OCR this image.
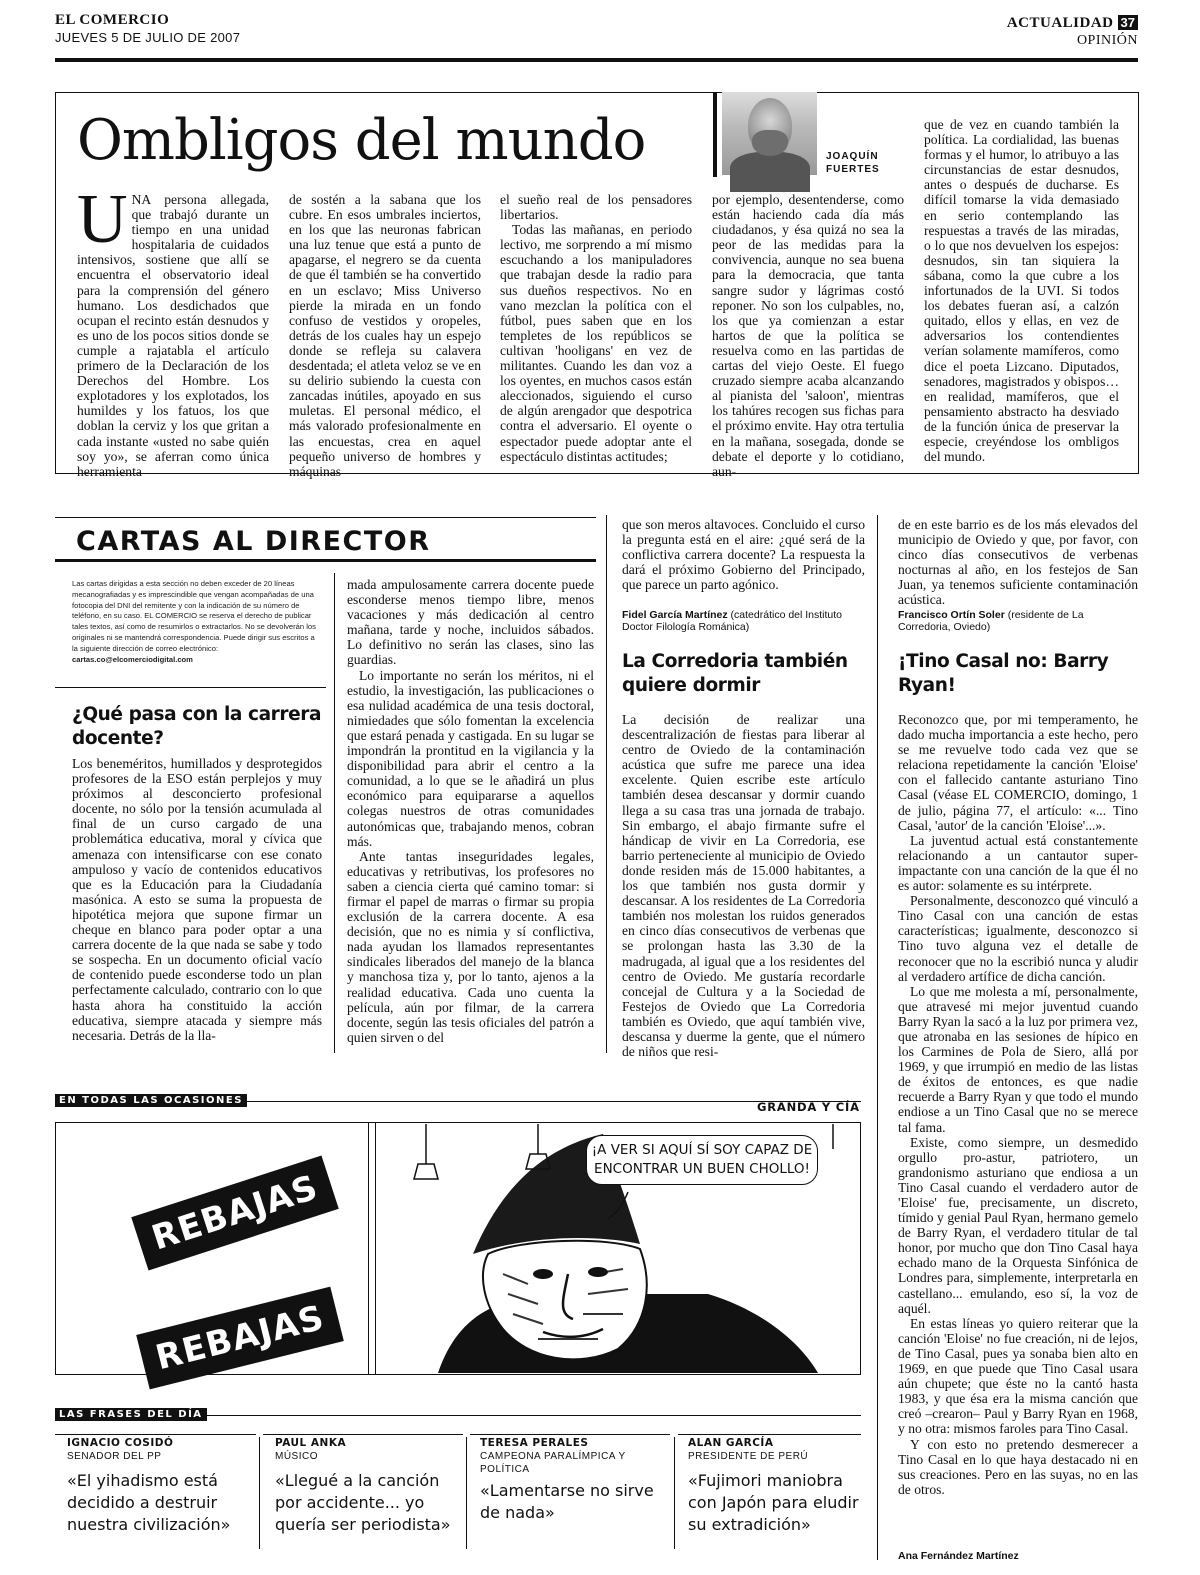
EL COMERCIO
JUEVES 5 DE JULIO DE 2007
ACTUALIDAD 37
OPINIÓN
Ombligos del mundo	JOAQUÍN
FUERTES
UNA persona allegada, que trabajó durante un tiempo en una unidad hospitalaria de cuidados intensivos, sostiene que allí se encuentra el observatorio ideal para la comprensión del género humano. Los desdichados que ocupan el recinto están desnudos y es uno de los pocos sitios donde se cumple a rajatabla el artículo primero de la Declaración de los Derechos del Hombre. Los explotadores y los explotados, los humildes y los fatuos, los que doblan la cerviz y los que gritan a cada instante «usted no sabe quién soy yo», se aferran como única herramienta

de sostén a la sabana que los cubre. En esos umbrales inciertos, en los que las neuronas fabrican una luz tenue que está a punto de apagarse, el negrero se da cuenta de que él también se ha convertido en un esclavo; Miss Universo pierde la mirada en un fondo confuso de vestidos y oropeles, detrás de los cuales hay un espejo donde se refleja su calavera desdentada; el atleta veloz se ve en su delirio subiendo la cuesta con zancadas inútiles, apoyado en sus muletas. El personal médico, el más valorado profesionalmente en las encuestas, crea en aquel pequeño universo de hombres y máquinas

el sueño real de los pensadores libertarios.

Todas las mañanas, en periodo lectivo, me sorprendo a mí mismo escuchando a los manipuladores que trabajan desde la radio para sus dueños respectivos. No en vano mezclan la política con el fútbol, pues saben que en los templetes de los repúblicos se cultivan 'hooligans' en vez de militantes. Cuando les dan voz a los oyentes, en muchos casos están aleccionados, siguiendo el curso de algún arengador que despotrica contra el adversario. El oyente o espectador puede adoptar ante el espectáculo distintas actitudes;

por ejemplo, desentenderse, como están haciendo cada día más ciudadanos, y ésa quizá no sea la peor de las medidas para la convivencia, aunque no sea buena para la democracia, que tanta sangre sudor y lágrimas costó reponer. No son los culpables, no, los que ya comienzan a estar hartos de que la política se resuelva como en las partidas de cartas del viejo Oeste. El fuego cruzado siempre acaba alcanzando al pianista del 'saloon', mientras los tahúres recogen sus fichas para el próximo envite. Hay otra tertulia en la mañana, sosegada, donde se debate el deporte y lo cotidiano, aun-

que de vez en cuando también la política. La cordialidad, las buenas formas y el humor, lo atribuyo a las circunstancias de estar desnudos, antes o después de ducharse. Es difícil tomarse la vida demasiado en serio contemplando las respuestas a través de las miradas, o lo que nos devuelven los espejos: desnudos, sin tan siquiera la sábana, como la que cubre a los infortunados de la UVI. Si todos los debates fueran así, a calzón quitado, ellos y ellas, en vez de adversarios los contendientes verían solamente mamíferos, como dice el poeta Lizcano. Diputados, senadores, magistrados y obispos… en realidad, mamíferos, que el pensamiento abstracto ha desviado de la función única de preservar la especie, creyéndose los ombligos del mundo.

CARTAS AL DIRECTOR
Las cartas dirigidas a esta sección no deben exceder de 20 líneas mecanografiadas y es imprescindible que vengan acompañadas de una fotocopia del DNI del remitente y con la indicación de su número de teléfono, en su caso. EL COMERCIO se reserva el derecho de publicar tales textos, así como de resumirlos o extractarlos. No se devolverán los originales ni se mantendrá correspondencia. Puede dirigir sus escritos a la siguiente dirección de correo electrónico: cartas.co@elcomerciodigital.com
¿Qué pasa con la carrera docente?

Los beneméritos, humillados y desprotegidos profesores de la ESO están perplejos y muy próximos al desconcierto profesional docente, no sólo por la tensión acumulada al final de un curso cargado de una problemática educativa, moral y cívica que amenaza con intensificarse con ese conato ampuloso y vacío de contenidos educativos que es la Educación para la Ciudadanía masónica. A esto se suma la propuesta de hipotética mejora que supone firmar un cheque en blanco para poder optar a una carrera docente de la que nada se sabe y todo se sospecha. En un documento oficial vacío de contenido puede esconderse todo un plan perfectamente calculado, contrario con lo que hasta ahora ha constituido la acción educativa, siempre atacada y siempre más necesaria. Detrás de la lla-

mada ampulosamente carrera docente puede esconderse menos tiempo libre, menos vacaciones y más dedicación al centro mañana, tarde y noche, incluidos sábados. Lo definitivo no serán las clases, sino las guardias.

Lo importante no serán los méritos, ni el estudio, la investigación, las publicaciones o esa nulidad académica de una tesis doctoral, nimiedades que sólo fomentan la excelencia que estará penada y castigada. En su lugar se impondrán la prontitud en la vigilancia y la disponibilidad para abrir el centro a la comunidad, a lo que se le añadirá un plus económico para equipararse a aquellos colegas nuestros de otras comunidades autonómicas que, trabajando menos, cobran más.

Ante tantas inseguridades legales, educativas y retributivas, los profesores no saben a ciencia cierta qué camino tomar: si firmar el papel de marras o firmar su propia exclusión de la carrera docente. A esa decisión, que no es nimia y sí conflictiva, nada ayudan los llamados representantes sindicales liberados del manejo de la blanca y manchosa tiza y, por lo tanto, ajenos a la realidad educativa. Cada uno cuenta la película, aún por filmar, de la carrera docente, según las tesis oficiales del patrón a quien sirven o del

que son meros altavoces. Concluido el curso la pregunta está en el aire: ¿qué será de la conflictiva carrera docente? La respuesta la dará el próximo Gobierno del Principado, que parece un parto agónico.

Fidel García Martínez (catedrático del Instituto Doctor Filología Románica)
La Corredoria también quiere dormir

La decisión de realizar una descentralización de fiestas para liberar al centro de Oviedo de la contaminación acústica que sufre me parece una idea excelente. Quien escribe este artículo también desea descansar y dormir cuando llega a su casa tras una jornada de trabajo. Sin embargo, el abajo firmante sufre el hándicap de vivir en La Corredoria, ese barrio perteneciente al municipio de Oviedo donde residen más de 15.000 habitantes, a los que también nos gusta dormir y descansar. A los residentes de La Corredoria también nos molestan los ruidos generados en cinco días consecutivos de verbenas que se prolongan hasta las 3.30 de la madrugada, al igual que a los residentes del centro de Oviedo. Me gustaría recordarle concejal de Cultura y a la Sociedad de Festejos de Oviedo que La Corredoria también es Oviedo, que aquí también vive, descansa y duerme la gente, que el número de niños que resi-

de en este barrio es de los más elevados del municipio de Oviedo y que, por favor, con cinco días consecutivos de verbenas nocturnas al año, en los festejos de San Juan, ya tenemos suficiente contaminación acústica.

Francisco Ortín Soler (residente de La Corredoria, Oviedo)
¡Tino Casal no: Barry Ryan!

Reconozco que, por mi temperamento, he dado mucha importancia a este hecho, pero se me revuelve todo cada vez que se relaciona repetidamente la canción 'Eloise' con el fallecido cantante asturiano Tino Casal (véase EL COMERCIO, domingo, 1 de julio, página 77, el artículo: «... Tino Casal, 'autor' de la canción 'Eloise'...».

La juventud actual está constantemente relacionando a un cantautor super-impactante con una canción de la que él no es autor: solamente es su intérprete.

Personalmente, desconozco qué vinculó a Tino Casal con una canción de estas características; igualmente, desconozco si Tino tuvo alguna vez el detalle de reconocer que no la escribió nunca y aludir al verdadero artífice de dicha canción.

Lo que me molesta a mí, personalmente, que atravesé mi mejor juventud cuando Barry Ryan la sacó a la luz por primera vez, que atronaba en las sesiones de hípico en los Carmines de Pola de Siero, allá por 1969, y que irrumpió en medio de las listas de éxitos de entonces, es que nadie recuerde a Barry Ryan y que todo el mundo endiose a un Tino Casal que no se merece tal fama.

Existe, como siempre, un desmedido orgullo pro-astur, patriotero, un grandonismo asturiano que endiosa a un Tino Casal cuando el verdadero autor de 'Eloise' fue, precisamente, un discreto, tímido y genial Paul Ryan, hermano gemelo de Barry Ryan, el verdadero titular de tal honor, por mucho que don Tino Casal haya echado mano de la Orquesta Sinfónica de Londres para, simplemente, interpretarla en castellano... emulando, eso sí, la voz de aquél.

En estas líneas yo quiero reiterar que la canción 'Eloise' no fue creación, ni de lejos, de Tino Casal, pues ya sonaba bien alto en 1969, en que puede que Tino Casal usara aún chupete; que éste no la cantó hasta 1983, y que ésa era la misma canción que creó –crearon– Paul y Barry Ryan en 1968, y no otra: mismos faroles para Tino Casal.

Y con esto no pretendo desmerecer a Tino Casal en lo que haya destacado ni en sus creaciones. Pero en las suyas, no en las de otros.

Ana Fernández Martínez
EN TODAS LAS OCASIONES	GRANDA Y CÍA
REBAJAS
REBAJAS
¡A VER SI AQUÍ SÍ SOY CAPAZ DE
ENCONTRAR UN BUEN CHOLLO!
LAS FRASES DEL DÍA
IGNACIO COSIDÓ
SENADOR DEL PP
«El yihadismo está decidido a destruir nuestra civilización»
PAUL ANKA
MÚSICO
«Llegué a la canción por accidente... yo quería ser periodista»
TERESA PERALES
CAMPEONA PARALÍMPICA Y POLÍTICA
«Lamentarse no sirve de nada»
ALAN GARCÍA
PRESIDENTE DE PERÚ
«Fujimori maniobra con Japón para eludir su extradición»
